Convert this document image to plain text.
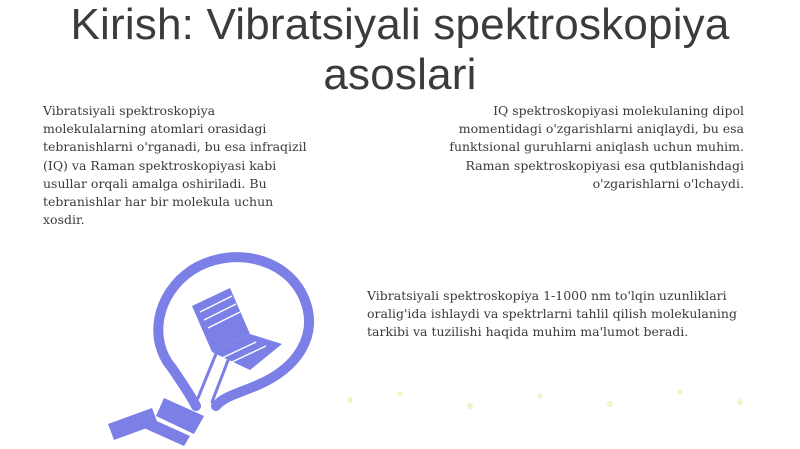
Kirish: Vibratsiyali spektroskopiya asoslari

Vibratsiyali spektroskopiya molekulalarning atomlari orasidagi tebranishlarni o'rganadi, bu esa infraqizil (IQ) va Raman spektroskopiyasi kabi usullar orqali amalga oshiriladi. Bu tebranishlar har bir molekula uchun xosdir.

IQ spektroskopiyasi molekulaning dipol momentidagi o'zgarishlarni aniqlaydi, bu esa funktsional guruhlarni aniqlash uchun muhim. Raman spektroskopiyasi esa qutblanishdagi o'zgarishlarni o'lchaydi.

Vibratsiyali spektroskopiya 1-1000 nm to'lqin uzunliklari oralig'ida ishlaydi va spektrlarni tahlil qilish molekulaning tarkibi va tuzilishi haqida muhim ma'lumot beradi.
